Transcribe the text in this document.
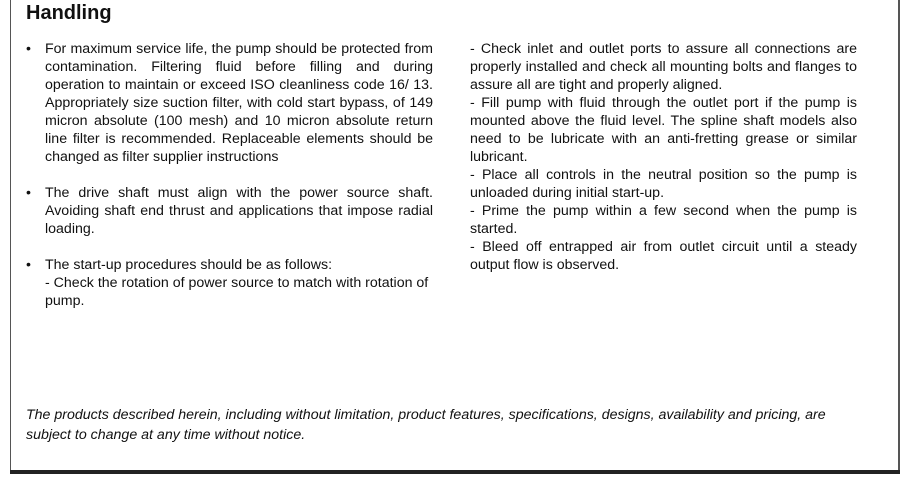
Handling
• For maximum service life, the pump should be protected from contamination. Filtering fluid before filling and during operation to maintain or exceed ISO cleanliness code 16/ 13. Appropriately size suction filter, with cold start bypass, of 149 micron absolute (100 mesh) and 10 micron absolute return line filter is recommended. Replaceable elements should be changed as filter supplier instructions
• The drive shaft must align with the power source shaft. Avoiding shaft end thrust and applications that impose radial loading.
• The start-up procedures should be as follows:
- Check the rotation of power source to match with rotation of pump.

- Check inlet and outlet ports to assure all connections are properly installed and check all mounting bolts and flanges to assure all are tight and properly aligned.

- Fill pump with fluid through the outlet port if the pump is mounted above the fluid level. The spline shaft models also need to be lubricate with an anti-fretting grease or similar lubricant.

- Place all controls in the neutral position so the pump is unloaded during initial start-up.

- Prime the pump within a few second when the pump is started.

- Bleed off entrapped air from outlet circuit until a steady output flow is observed.

The products described herein, including without limitation, product features, specifications, designs, availability and pricing, are subject to change at any time without notice.
